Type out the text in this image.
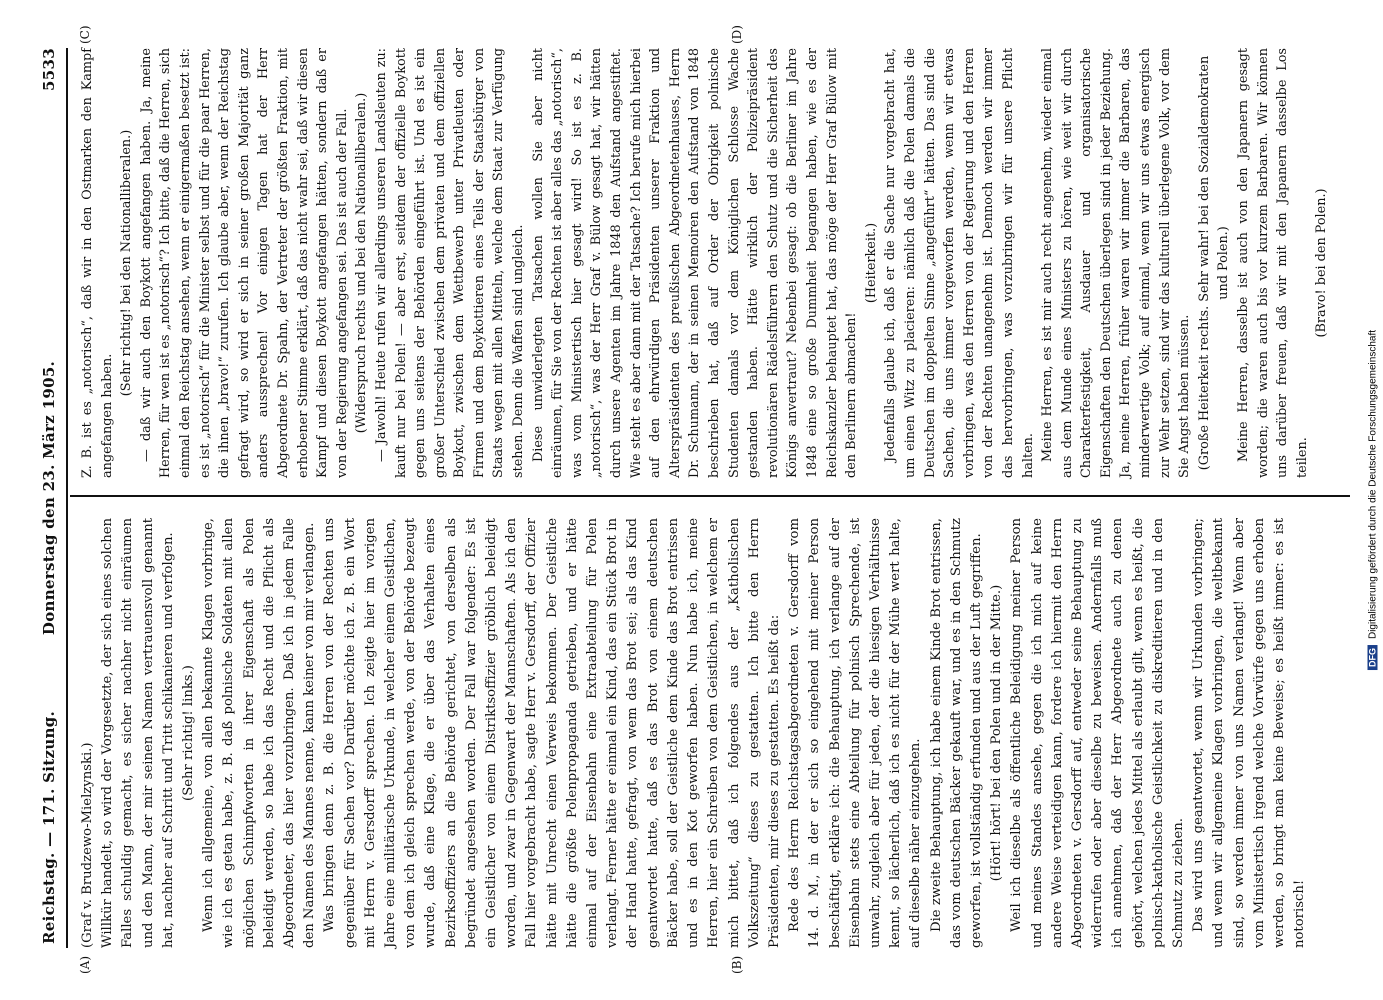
Reichstag. — 171. Sitzung.
Donnerstag den 23. März 1905.
5533
(A)	(B)
(C)	(D)

(Graf v. Brudzewo-Mielzynski.) Willkür handelt, so wird der Vorgesetzte, der sich eines solchen Falles schuldig gemacht, es sicher nachher nicht einräumen und den Mann, der mir seinen Namen vertrauensvoll genannt hat, nachher auf Schritt und Tritt schikanieren und verfolgen. (Sehr richtig! links.) Wenn ich allgemeine, von allen bekannte Klagen vorbringe, wie ich es getan habe, z. B. daß polnische Soldaten mit allen möglichen Schimpfworten in ihrer Eigenschaft als Polen beleidigt werden, so habe ich das Recht und die Pflicht als Abgeordneter, das hier vorzubringen. Daß ich in jedem Falle den Namen des Mannes nenne, kann keiner von mir verlangen. Was bringen denn z. B. die Herren von der Rechten uns gegenüber für Sachen vor? Darüber möchte ich z. B. ein Wort mit Herrn v. Gersdorff sprechen. Ich zeigte hier im vorigen Jahre eine militärische Urkunde, in welcher einem Geistlichen, von dem ich gleich sprechen werde, von der Behörde bezeugt wurde, daß eine Klage, die er über das Verhalten eines Bezirksoffiziers an die Behörde gerichtet, von derselben als begründet angesehen worden. Der Fall war folgender: Es ist ein Geistlicher von einem Distriktsoffizier gröblich beleidigt worden, und zwar in Gegenwart der Mannschaften. Als ich den Fall hier vorgebracht habe, sagte Herr v. Gersdorff, der Offizier hätte mit Unrecht einen Verweis bekommen. Der Geistliche hätte die größte Polenpropaganda getrieben, und er hätte einmal auf der Eisenbahn eine Extraabteilung für Polen verlangt. Ferner hätte er einmal ein Kind, das ein Stück Brot in der Hand hatte, gefragt, von wem das Brot sei; als das Kind geantwortet hatte, daß es das Brot von einem deutschen Bäcker habe, soll der Geistliche dem Kinde das Brot entrissen und es in den Kot geworfen haben. Nun habe ich, meine Herren, hier ein Schreiben von dem Geistlichen, in welchem er mich bittet, daß ich folgendes aus der „Katholischen Volkszeitung“ dieses zu gestatten. Ich bitte den Herrn Präsidenten, mir dieses zu gestatten. Es heißt da: Rede des Herrn Reichstagsabgeordneten v. Gersdorff vom 14. d. M., in der er sich so eingehend mit meiner Person beschäftigt, erkläre ich: die Behauptung, ich verlange auf der Eisenbahn stets eine Abteilung für polnisch Sprechende, ist unwahr, zugleich aber für jeden, der die hiesigen Verhältnisse kennt, so lächerlich, daß ich es nicht für der Mühe wert halte, auf dieselbe näher einzugehen. Die zweite Behauptung, ich habe einem Kinde Brot entrissen, das vom deutschen Bäcker gekauft war, und es in den Schmutz geworfen, ist vollständig erfunden und aus der Luft gegriffen. (Hört! hört! bei den Polen und in der Mitte.) Weil ich dieselbe als öffentliche Beleidigung meiner Person und meines Standes ansehe, gegen die ich mich auf keine andere Weise verteidigen kann, fordere ich hiermit den Herrn Abgeordneten v. Gersdorff auf, entweder seine Behauptung zu widerrufen oder aber dieselbe zu beweisen. Andernfalls muß ich annehmen, daß der Herr Abgeordnete auch zu denen gehört, welchen jedes Mittel als erlaubt gilt, wenn es heißt, die polnisch-katholische Geistlichkeit zu diskreditieren und in den Schmutz zu ziehen. Das wird uns geantwortet, wenn wir Urkunden vorbringen; und wenn wir allgemeine Klagen vorbringen, die weltbekannt sind, so werden immer von uns Namen verlangt! Wenn aber vom Ministertisch irgend welche Vorwürfe gegen uns erhoben werden, so bringt man keine Beweise; es heißt immer: es ist notorisch!

Z. B. ist es „notorisch“, daß wir in den Ostmarken den Kampf angefangen haben.

(Sehr richtig! bei den Nationalliberalen.) — daß wir auch den Boykott angefangen haben. Ja, meine Herren, für wen ist es „notorisch“? Ich bitte, daß die Herren, sich einmal den Reichstag ansehen, wenn er einigermaßen besetzt ist: es ist „notorisch“ für die Minister selbst und für die paar Herren, die ihnen „bravo!“ zurufen. Ich glaube aber, wenn der Reichstag gefragt wird, so wird er sich in seiner großen Majorität ganz anders aussprechen! Vor einigen Tagen hat der Herr Abgeordnete Dr. Spahn, der Vertreter der größten Fraktion, mit erhobener Stimme erklärt, daß das nicht wahr sei, daß wir diesen Kampf und diesen Boykott angefangen hätten, sondern daß er von der Regierung angefangen sei. Das ist auch der Fall. (Widerspruch rechts und bei den Nationalliberalen.) — Jawohl! Heute rufen wir allerdings unseren Landsleuten zu: kauft nur bei Polen! — aber erst, seitdem der offizielle Boykott gegen uns seitens der Behörden eingeführt ist. Und es ist ein großer Unterschied zwischen dem privaten und dem offiziellen Boykott, zwischen dem Wettbewerb unter Privatleuten oder Firmen und dem Boykottieren eines Teils der Staatsbürger von Staats wegen mit allen Mitteln, welche dem Staat zur Verfügung stehen. Denn die Waffen sind ungleich. Diese unwiderlegten Tatsachen wollen Sie aber nicht einräumen, für Sie von der Rechten ist aber alles das „notorisch“, was vom Ministertisch hier gesagt wird! So ist es z. B. „notorisch“, was der Herr Graf v. Bülow gesagt hat, wir hätten durch unsere Agenten im Jahre 1848 den Aufstand angestiftet. Wie steht es aber dann mit der Tatsache? Ich berufe mich hierbei auf den ehrwürdigen Präsidenten unserer Fraktion und Alterspräsidenten des preußischen Abgeordnetenhauses, Herrn Dr. Schumann, der in seinen Memoiren den Aufstand von 1848 beschrieben hat, daß auf Order der Obrigkeit polnische Studenten damals vor dem Königlichen Schlosse Wache gestanden haben. Hätte wirklich der Polizeipräsident revolutionären Rädelsführern den Schutz und die Sicherheit des Königs anvertraut? Nebenbei gesagt: ob die Berliner im Jahre 1848 eine so große Dummheit begangen haben, wie es der Reichskanzler behauptet hat, das möge der Herr Graf Bülow mit den Berlinern abmachen!

(Heiterkeit.) Jedenfalls glaube ich, daß er die Sache nur vorgebracht hat, um einen Witz zu placieren: nämlich daß die Polen damals die Deutschen im doppelten Sinne „angeführt“ hätten. Das sind die Sachen, die uns immer vorgeworfen werden, wenn wir etwas vorbringen, was den Herren von der Regierung und den Herren von der Rechten unangenehm ist. Dennoch werden wir immer das hervorbringen, was vorzubringen wir für unsere Pflicht halten. Meine Herren, es ist mir auch recht angenehm, wieder einmal aus dem Munde eines Ministers zu hören, wie weit wir durch Charakterfestigkeit, Ausdauer und organisatorische Eigenschaften den Deutschen überlegen sind in jeder Beziehung. Ja, meine Herren, früher waren wir immer die Barbaren, das minderwertige Volk; auf einmal, wenn wir uns etwas energisch zur Wehr setzen, sind wir das kulturell überlegene Volk, vor dem Sie Angst haben müssen. (Große Heiterkeit rechts. Sehr wahr! bei den Sozialdemokraten und Polen.) Meine Herren, dasselbe ist auch von den Japanern gesagt worden; die waren auch bis vor kurzem Barbaren. Wir können uns darüber freuen, daß wir mit den Japanern dasselbe Los teilen.

(Bravo! bei den Polen.)

DFGDigitalisierung gefördert durch die Deutsche Forschungsgemeinschaft
